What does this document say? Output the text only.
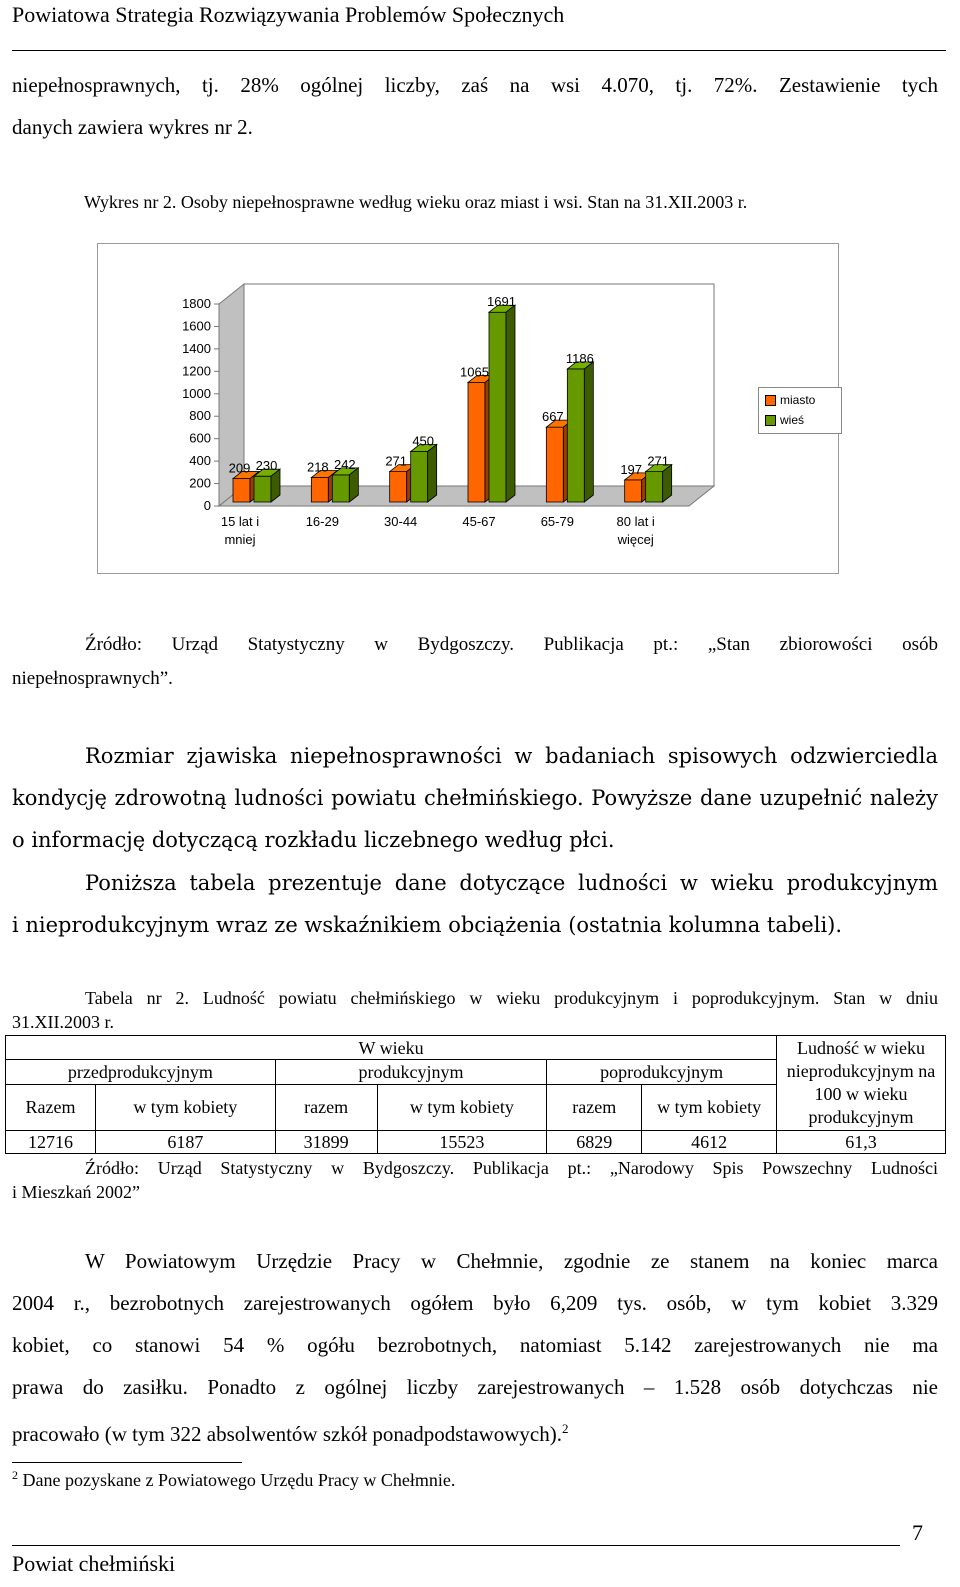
Powiatowa Strategia Rozwiązywania Problemów Społecznych
niepełnosprawnych, tj. 28% ogólnej liczby, zaś na wsi 4.070, tj. 72%. Zestawienie tych
danych zawiera wykres nr 2.
Wykres nr 2. Osoby niepełnosprawne według wieku oraz miast i wsi. Stan na 31.XII.2003 r.
0
200
400
600
800
1000
1200
1400
1600
1800
209 230
15 lat i
mniej
218 242
16-29
271
450
30-44
1065
1691
45-67
667
1186
65-79
197
271
80 lat i
więcej
miasto
wieś
Źródło: Urząd Statystyczny w Bydgoszczy. Publikacja pt.: „Stan zbiorowości osób
niepełnosprawnych”.
Rozmiar zjawiska niepełnosprawności w badaniach spisowych odzwierciedla
kondycję zdrowotną ludności powiatu chełmińskiego. Powyższe dane uzupełnić należy
o informację dotyczącą rozkładu liczebnego według płci.
Poniższa tabela prezentuje dane dotyczące ludności w wieku produkcyjnym
i nieprodukcyjnym wraz ze wskaźnikiem obciążenia (ostatnia kolumna tabeli).
Tabela nr 2. Ludność powiatu chełmińskiego w wieku produkcyjnym i poprodukcyjnym. Stan w dniu
31.XII.2003 r.
W wieku						Ludność w wieku nieprodukcyjnym na 100 w wieku produkcyjnym
przedprodukcyjnym		produkcyjnym		poprodukcyjnym		
Razem	w tym kobiety	razem	w tym kobiety	razem	w tym kobiety	
12716	6187	31899	15523	6829	4612	61,3
Źródło: Urząd Statystyczny w Bydgoszczy. Publikacja pt.: „Narodowy Spis Powszechny Ludności
i Mieszkań 2002”
W Powiatowym Urzędzie Pracy w Chełmnie, zgodnie ze stanem na koniec marca
2004 r., bezrobotnych zarejestrowanych ogółem było 6,209 tys. osób, w tym kobiet 3.329
kobiet, co stanowi 54 % ogółu bezrobotnych, natomiast 5.142 zarejestrowanych nie ma
prawa do zasiłku. Ponadto z ogólnej liczby zarejestrowanych – 1.528 osób dotychczas nie
pracowało (w tym 322 absolwentów szkół ponadpodstawowych).$^2$
$^2$ Dane pozyskane z Powiatowego Urzędu Pracy w Chełmnie.
7
Powiat chełmiński
